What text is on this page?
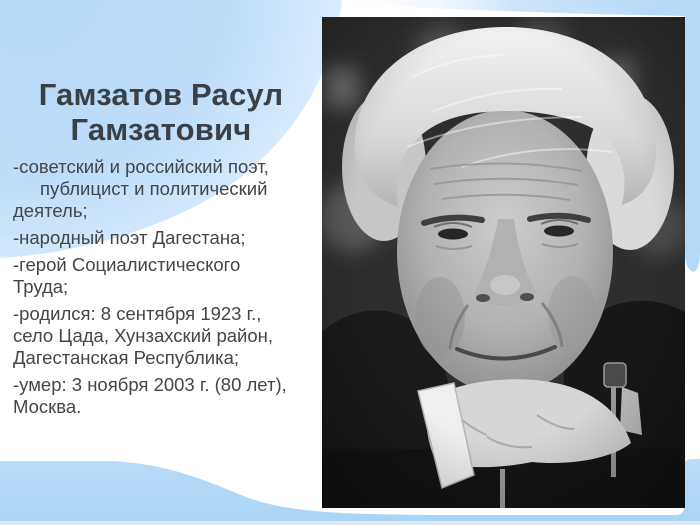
Гамзатов Расул
Гамзатович

-советский и российский поэт,
публицист и политический
деятель;

-народный поэт Дагестана;

-герой Социалистического
Труда;

-родился: 8 сентября 1923 г.,
село Цада, Хунзахский район,
Дагестанская Республика;

-умер: 3 ноября 2003 г. (80 лет),
Москва.
